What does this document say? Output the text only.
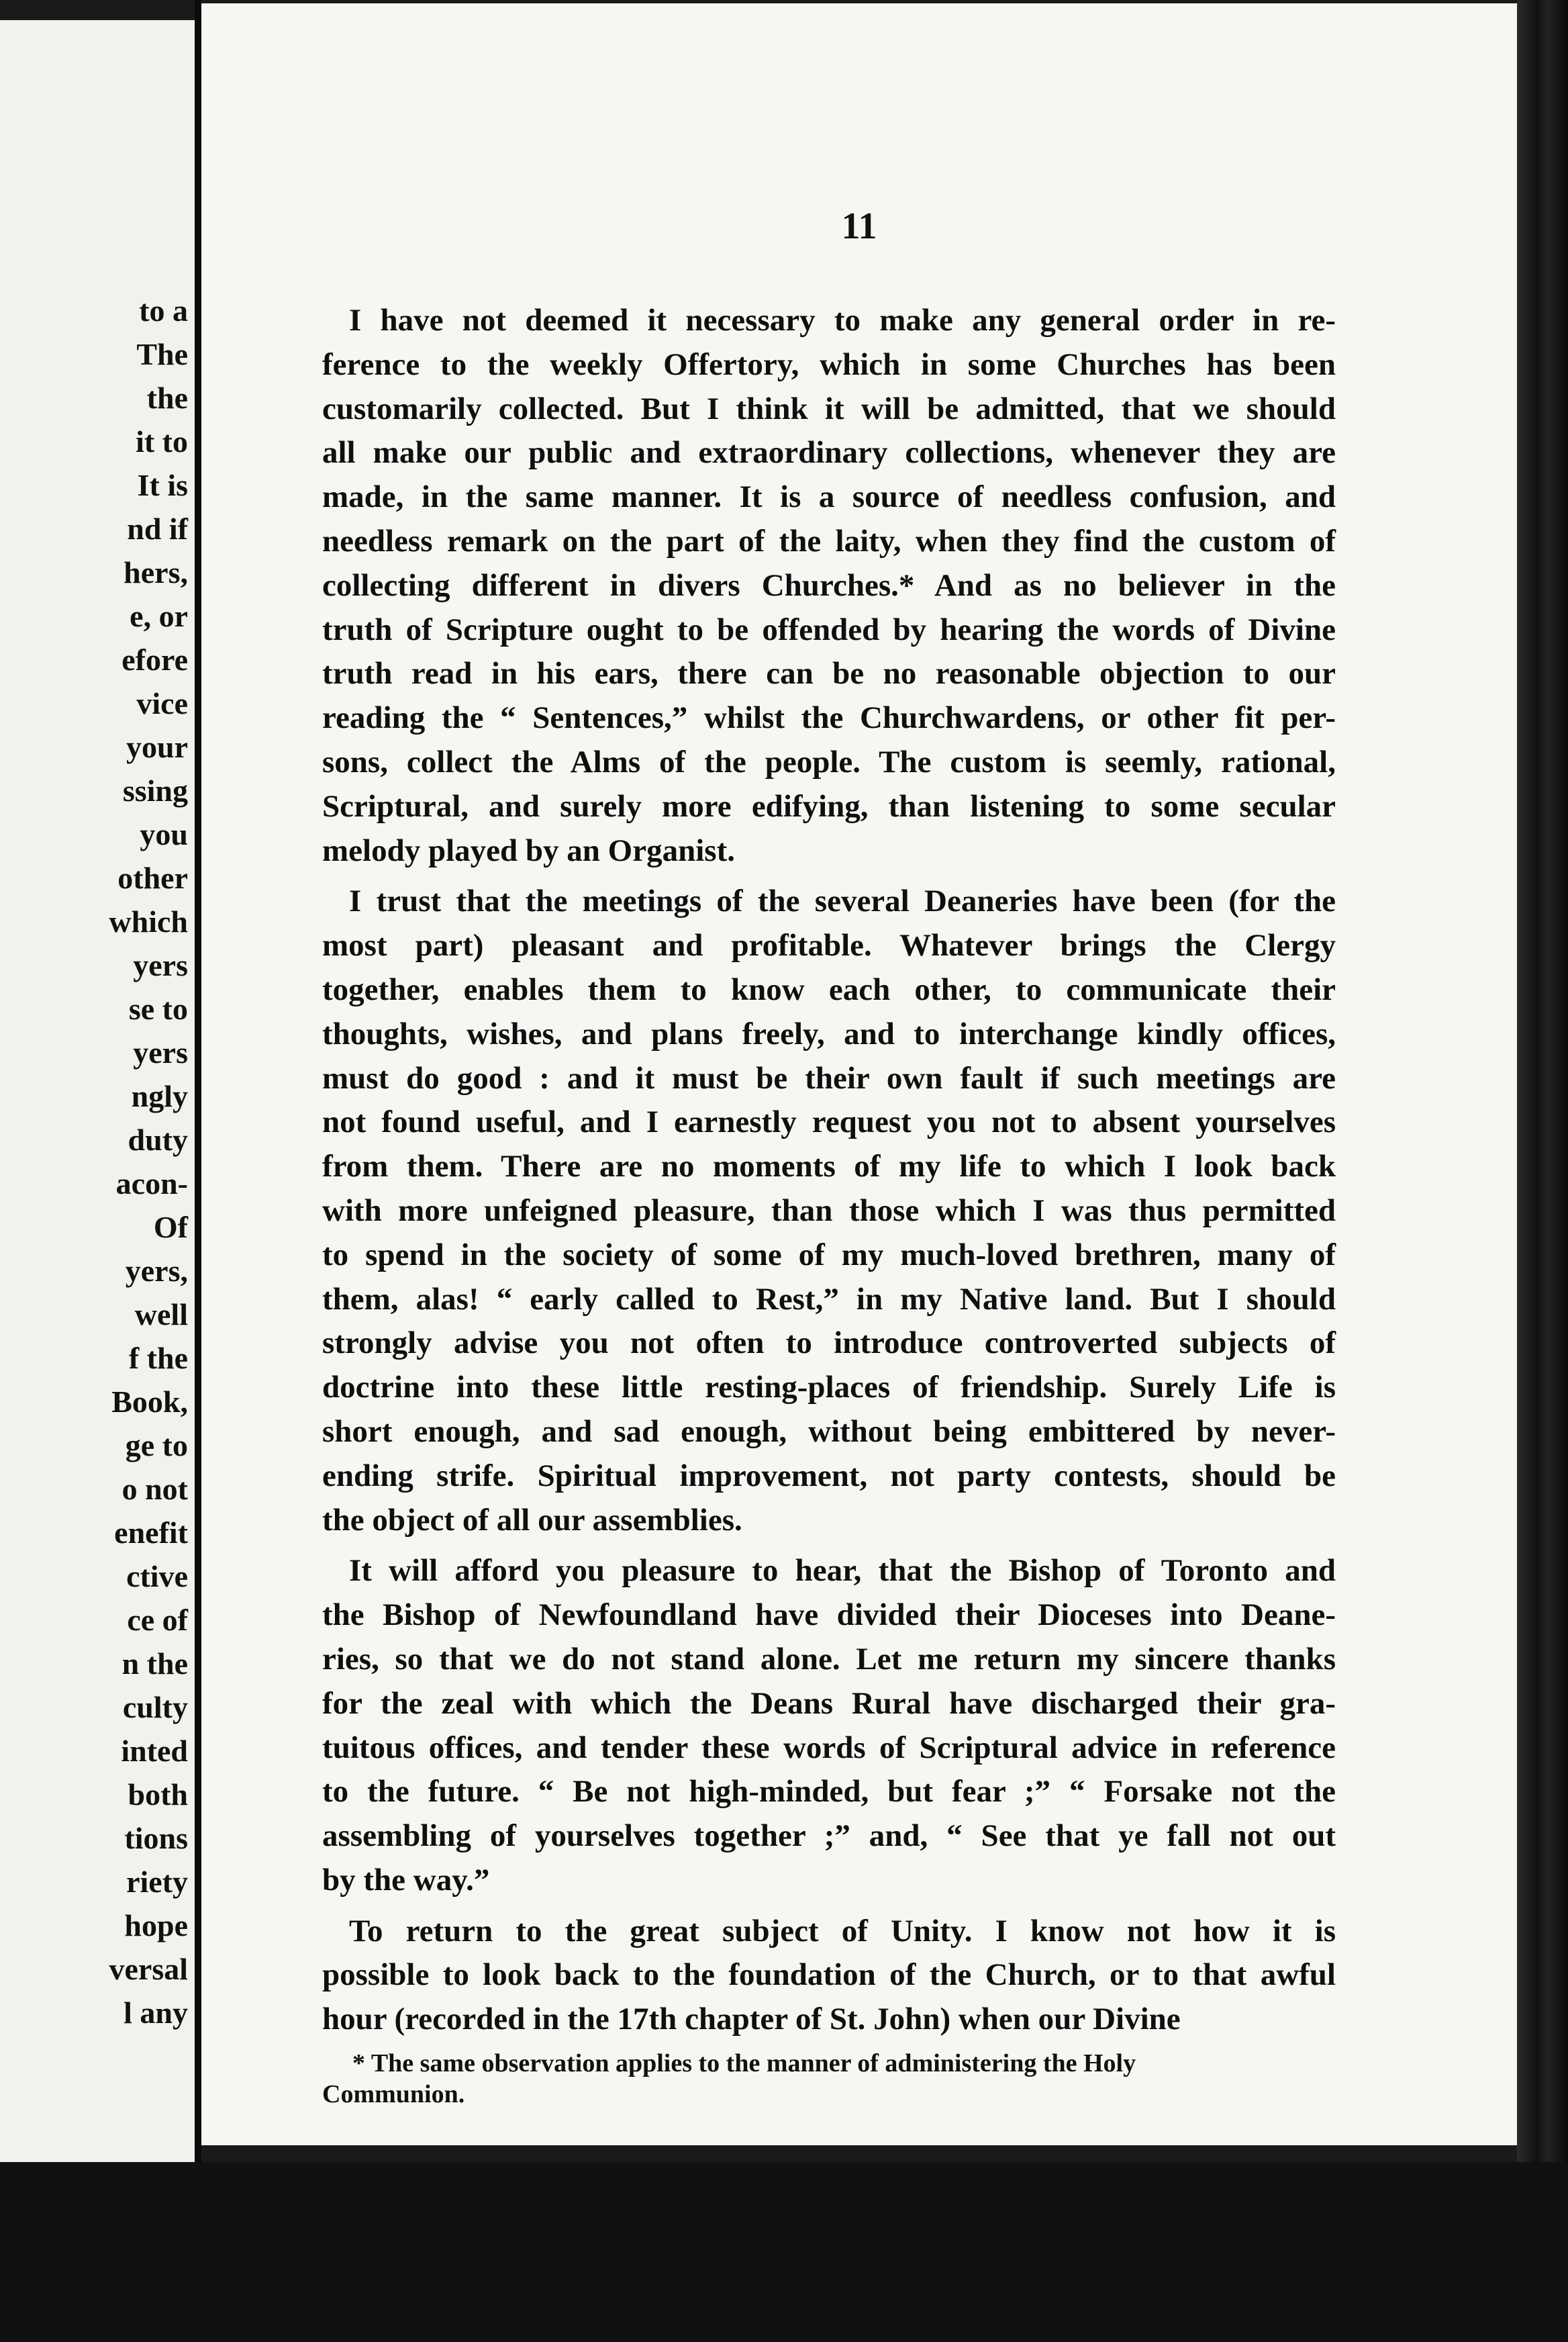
to a
The
the
it to
It is
nd if
hers,
e, or
efore
vice
your
ssing
you
other
which
yers
se to
yers
ngly
duty
acon-
Of
yers,
well
f the
Book,
ge to
o not
enefit
ctive
ce of
n the
culty
inted
both
tions
riety
hope
versal
l any
11

I have not deemed it necessary to make any general order in re-
ference to the weekly Offertory, which in some Churches has been
customarily collected. But I think it will be admitted, that we should
all make our public and extraordinary collections, whenever they are
made, in the same manner. It is a source of needless confusion, and
needless remark on the part of the laity, when they find the custom of
collecting different in divers Churches.* And as no believer in the
truth of Scripture ought to be offended by hearing the words of Divine
truth read in his ears, there can be no reasonable objection to our
reading the “ Sentences,” whilst the Churchwardens, or other fit per-
sons, collect the Alms of the people. The custom is seemly, rational,
Scriptural, and surely more edifying, than listening to some secular
melody played by an Organist.

I trust that the meetings of the several Deaneries have been (for the
most part) pleasant and profitable. Whatever brings the Clergy
together, enables them to know each other, to communicate their
thoughts, wishes, and plans freely, and to interchange kindly offices,
must do good : and it must be their own fault if such meetings are
not found useful, and I earnestly request you not to absent yourselves
from them. There are no moments of my life to which I look back
with more unfeigned pleasure, than those which I was thus permitted
to spend in the society of some of my much-loved brethren, many of
them, alas! “ early called to Rest,” in my Native land. But I should
strongly advise you not often to introduce controverted subjects of
doctrine into these little resting-places of friendship. Surely Life is
short enough, and sad enough, without being embittered by never-
ending strife. Spiritual improvement, not party contests, should be
the object of all our assemblies.

It will afford you pleasure to hear, that the Bishop of Toronto and
the Bishop of Newfoundland have divided their Dioceses into Deane-
ries, so that we do not stand alone. Let me return my sincere thanks
for the zeal with which the Deans Rural have discharged their gra-
tuitous offices, and tender these words of Scriptural advice in reference
to the future. “ Be not high-minded, but fear ;” “ Forsake not the
assembling of yourselves together ;” and, “ See that ye fall not out
by the way.”

To return to the great subject of Unity. I know not how it is
possible to look back to the foundation of the Church, or to that awful
hour (recorded in the 17th chapter of St. John) when our Divine

* The same observation applies to the manner of administering the Holy
Communion.
